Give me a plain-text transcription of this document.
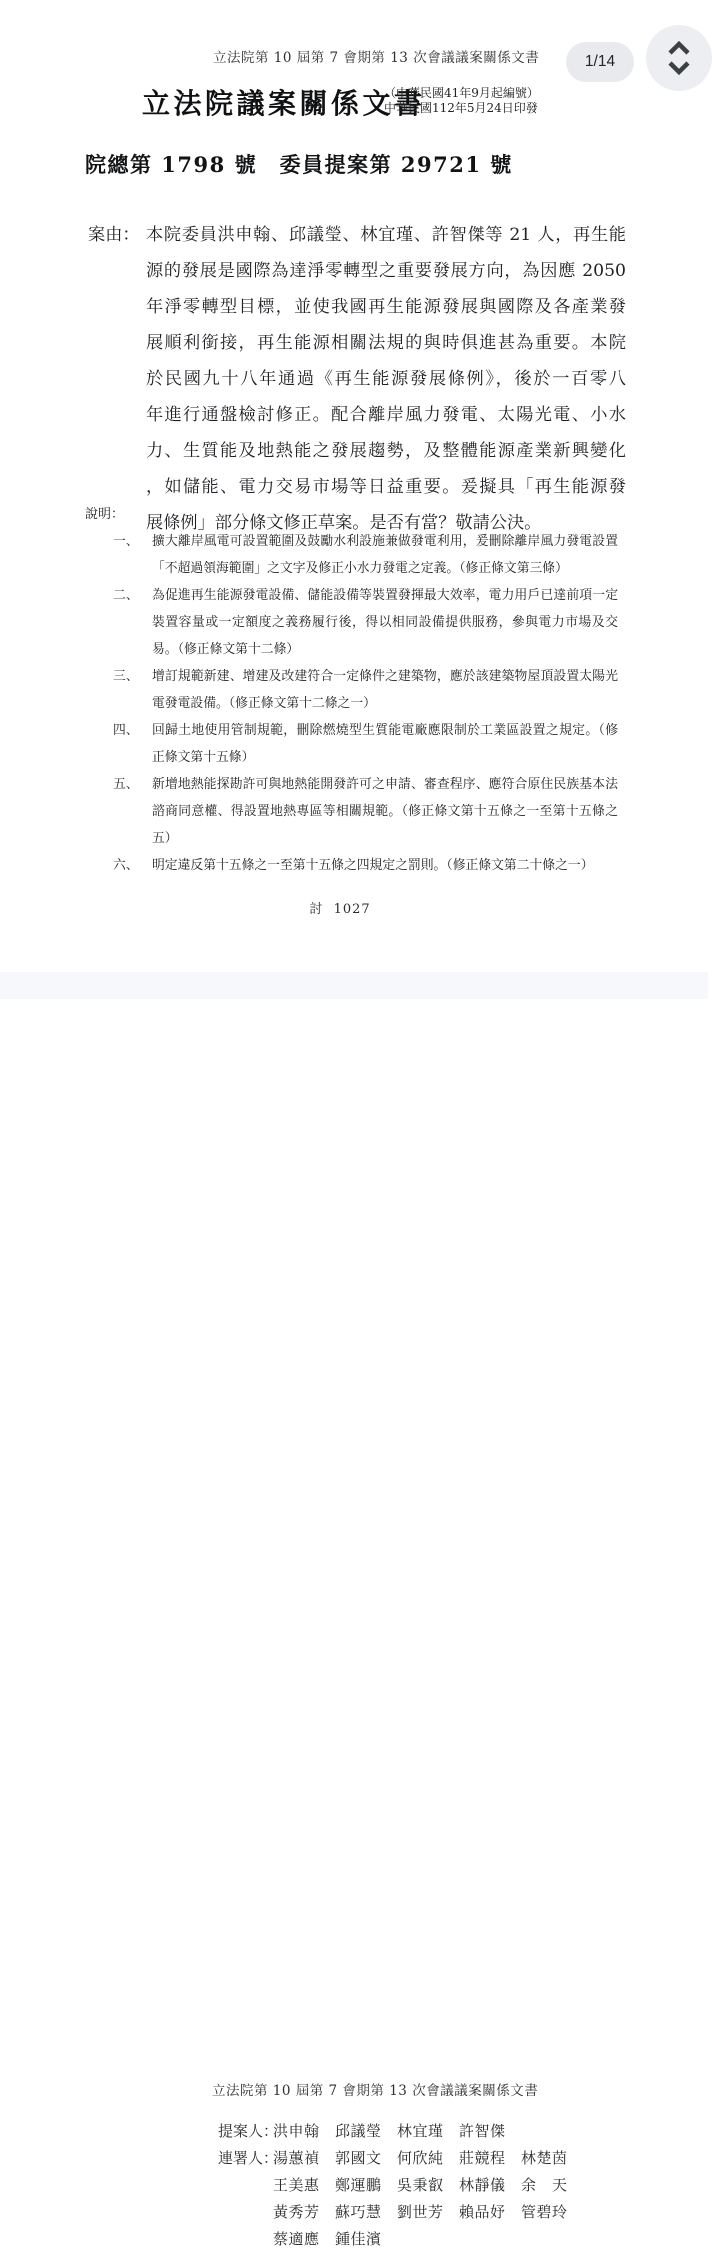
立法院第 10 屆第 7 會期第 13 次會議議案關係文書
立法院議案關係文書
（中華民國41年9月起編號）
中華民國112年5月24日印發
院總第 1798 號　委員提案第 29721 號
案由： 本院委員洪申翰、邱議瑩、林宜瑾、許智傑等 21 人，再生能
源的發展是國際為達淨零轉型之重要發展方向，為因應 2050
年淨零轉型目標，並使我國再生能源發展與國際及各產業發
展順利銜接，再生能源相關法規的與時俱進甚為重要。本院
於民國九十八年通過《再生能源發展條例》，後於一百零八
年進行通盤檢討修正。配合離岸風力發電、太陽光電、小水
力、生質能及地熱能之發展趨勢，及整體能源產業新興變化
，如儲能、電力交易市場等日益重要。爰擬具「再生能源發
展條例」部分條文修正草案。是否有當？敬請公決。
說明：
一、 擴大離岸風電可設置範圍及鼓勵水利設施兼做發電利用，爰刪除離岸風力發電設置「不超過領海範圍」之文字及修正小水力發電之定義。（修正條文第三條）
二、 為促進再生能源發電設備、儲能設備等裝置發揮最大效率，電力用戶已達前項一定裝置容量或一定額度之義務履行後，得以相同設備提供服務，參與電力市場及交易。（修正條文第十二條）
三、 增訂規範新建、增建及改建符合一定條件之建築物，應於該建築物屋頂設置太陽光電發電設備。（修正條文第十二條之一）
四、 回歸土地使用管制規範，刪除燃燒型生質能電廠應限制於工業區設置之規定。（修正條文第十五條）
五、 新增地熱能探勘許可與地熱能開發許可之申請、審查程序、應符合原住民族基本法諮商同意權、得設置地熱專區等相關規範。（修正條文第十五條之一至第十五條之五）
六、 明定違反第十五條之一至第十五條之四規定之罰則。（修正條文第二十條之一）
討  1027
立法院第 10 屆第 7 會期第 13 次會議議案關係文書
提案人：洪申翰 邱議瑩 林宜瑾 許智傑
連署人：湯蕙禎 郭國文 何欣純 莊競程 林楚茵
王美惠 鄭運鵬 吳秉叡 林靜儀 余　天
黃秀芳 蘇巧慧 劉世芳 賴品妤 管碧玲
蔡適應 鍾佳濱
1/14
